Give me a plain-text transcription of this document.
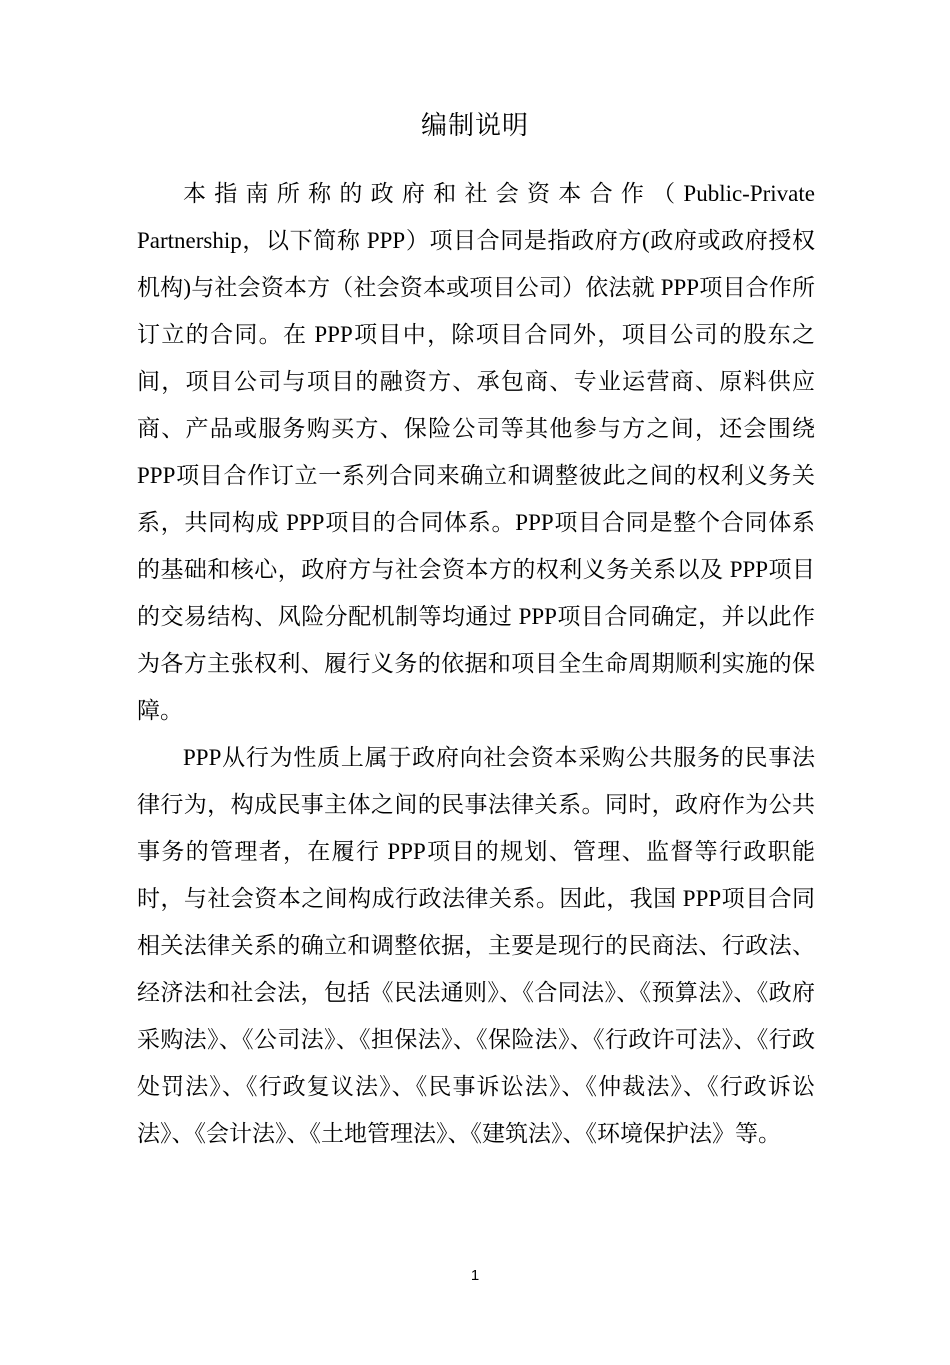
编制说明

本指南所称的政府和社会资本合作（Public-Private Partnership，以下简称 PPP）项目合同是指政府方(政府或政府授权机构)与社会资本方（社会资本或项目公司）依法就 PPP项目合作所订立的合同。在 PPP项目中，除项目合同外，项目公司的股东之间，项目公司与项目的融资方、承包商、专业运营商、原料供应商、产品或服务购买方、保险公司等其他参与方之间，还会围绕 PPP项目合作订立一系列合同来确立和调整彼此之间的权利义务关系，共同构成 PPP项目的合同体系。PPP项目合同是整个合同体系的基础和核心，政府方与社会资本方的权利义务关系以及 PPP项目的交易结构、风险分配机制等均通过 PPP项目合同确定，并以此作为各方主张权利、履行义务的依据和项目全生命周期顺利实施的保障。

PPP从行为性质上属于政府向社会资本采购公共服务的民事法律行为，构成民事主体之间的民事法律关系。同时，政府作为公共事务的管理者，在履行 PPP项目的规划、管理、监督等行政职能时，与社会资本之间构成行政法律关系。因此，我国 PPP项目合同相关法律关系的确立和调整依据，主要是现行的民商法、行政法、经济法和社会法，包括《民法通则》、《合同法》、《预算法》、《政府采购法》、《公司法》、《担保法》、《保险法》、《行政许可法》、《行政处罚法》、《行政复议法》、《民事诉讼法》、《仲裁法》、《行政诉讼法》、《会计法》、《土地管理法》、《建筑法》、《环境保护法》等。

1
